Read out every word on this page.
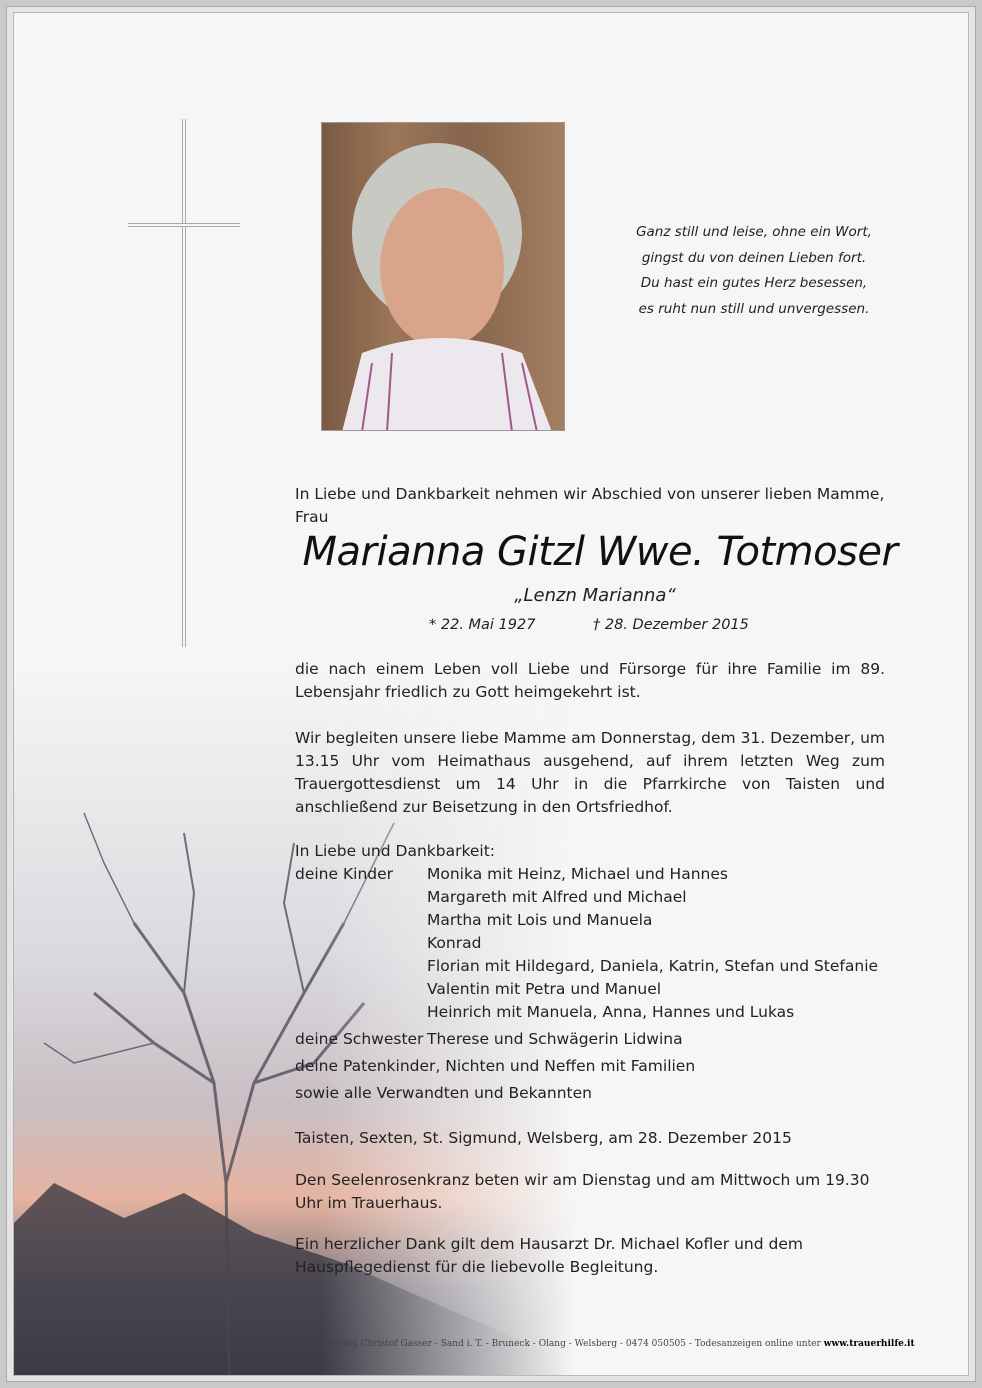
Ganz still und leise, ohne ein Wort,
gingst du von deinen Lieben fort.
Du hast ein gutes Herz besessen,
es ruht nun still und unvergessen.
In Liebe und Dankbarkeit nehmen wir Abschied von unserer lieben Mamme, Frau
Marianna Gitzl Wwe. Totmoser
„Lenzn Marianna“
* 22. Mai 1927	† 28. Dezember 2015
die nach einem Leben voll Liebe und Fürsorge für ihre Familie im 89. Lebensjahr friedlich zu Gott heimgekehrt ist.
Wir begleiten unsere liebe Mamme am Donnerstag, dem 31. Dezember, um 13.15 Uhr vom Heimathaus ausgehend, auf ihrem letzten Weg zum Trauergottesdienst um 14 Uhr in die Pfarrkirche von Taisten und anschließend zur Beisetzung in den Ortsfriedhof.
In Liebe und Dankbarkeit:
deine Kinder	Monika mit Heinz, Michael und Hannes
Margareth mit Alfred und Michael
Martha mit Lois und Manuela
Konrad
Florian mit Hildegard, Daniela, Katrin, Stefan und Stefanie
Valentin mit Petra und Manuel
Heinrich mit Manuela, Anna, Hannes und Lukas
deine Schwester Therese und Schwägerin Lidwina
deine Patenkinder, Nichten und Neffen mit Familien
sowie alle Verwandten und Bekannten
Taisten, Sexten, St. Sigmund, Welsberg, am 28. Dezember 2015
Den Seelenrosenkranz beten wir am Dienstag und am Mittwoch um 19.30 Uhr im Trauerhaus.
Ein herzlicher Dank gilt dem Hausarzt Dr. Michael Kofler und dem Hauspflegedienst für die liebevolle Begleitung.
© Bestattung Christof Gasser - Sand i. T. - Bruneck - Olang - Welsberg - 0474 050505 - Todesanzeigen online unter www.trauerhilfe.it
